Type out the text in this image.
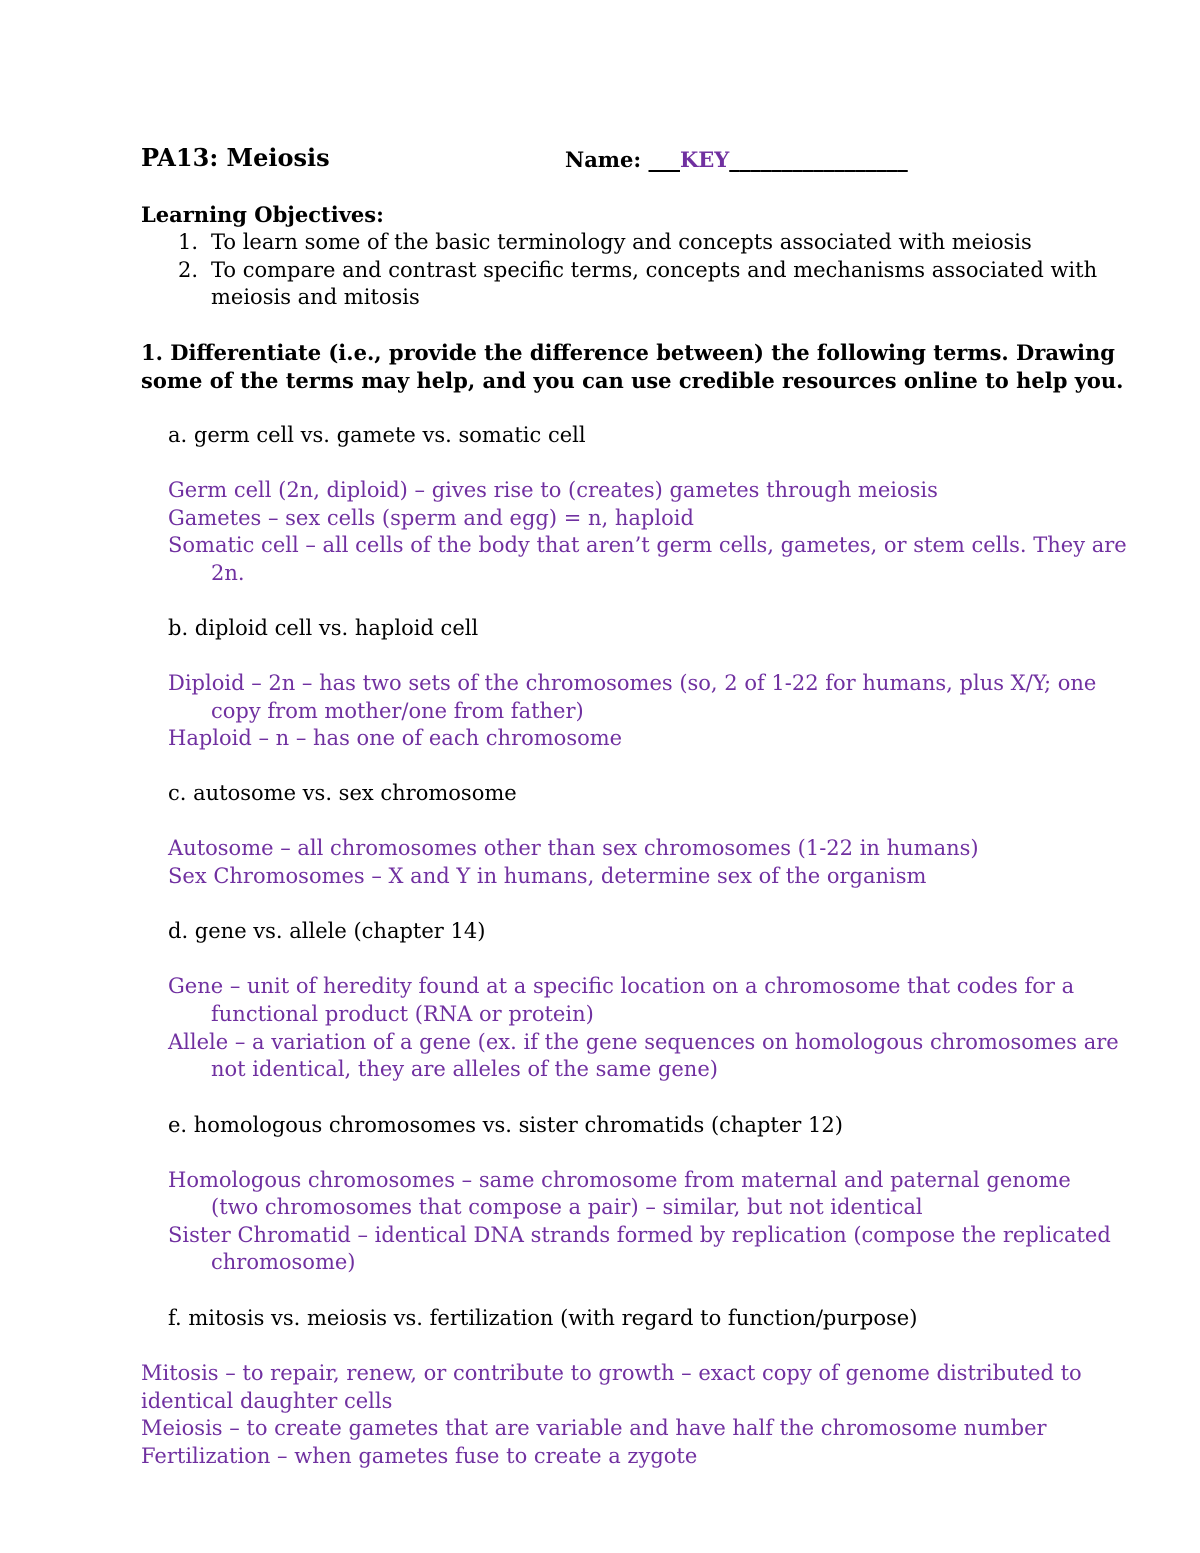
PA13: Meiosis	Name: ___KEY_________________
Learning Objectives:
1. To learn some of the basic terminology and concepts associated with meiosis
2. To compare and contrast specific terms, concepts and mechanisms associated with
meiosis and mitosis
1. Differentiate (i.e., provide the difference between) the following terms. Drawing
some of the terms may help, and you can use credible resources online to help you.
a. germ cell vs. gamete vs. somatic cell
Germ cell (2n, diploid) – gives rise to (creates) gametes through meiosis
Gametes – sex cells (sperm and egg) = n, haploid
Somatic cell – all cells of the body that aren’t germ cells, gametes, or stem cells. They are
2n.
b. diploid cell vs. haploid cell
Diploid – 2n – has two sets of the chromosomes (so, 2 of 1-22 for humans, plus X/Y; one
copy from mother/one from father)
Haploid – n – has one of each chromosome
c. autosome vs. sex chromosome
Autosome – all chromosomes other than sex chromosomes (1-22 in humans)
Sex Chromosomes – X and Y in humans, determine sex of the organism
d. gene vs. allele (chapter 14)
Gene – unit of heredity found at a specific location on a chromosome that codes for a
functional product (RNA or protein)
Allele – a variation of a gene (ex. if the gene sequences on homologous chromosomes are
not identical, they are alleles of the same gene)
e. homologous chromosomes vs. sister chromatids (chapter 12)
Homologous chromosomes – same chromosome from maternal and paternal genome
(two chromosomes that compose a pair) – similar, but not identical
Sister Chromatid – identical DNA strands formed by replication (compose the replicated
chromosome)
f. mitosis vs. meiosis vs. fertilization (with regard to function/purpose)
Mitosis – to repair, renew, or contribute to growth – exact copy of genome distributed to
identical daughter cells
Meiosis – to create gametes that are variable and have half the chromosome number
Fertilization – when gametes fuse to create a zygote
